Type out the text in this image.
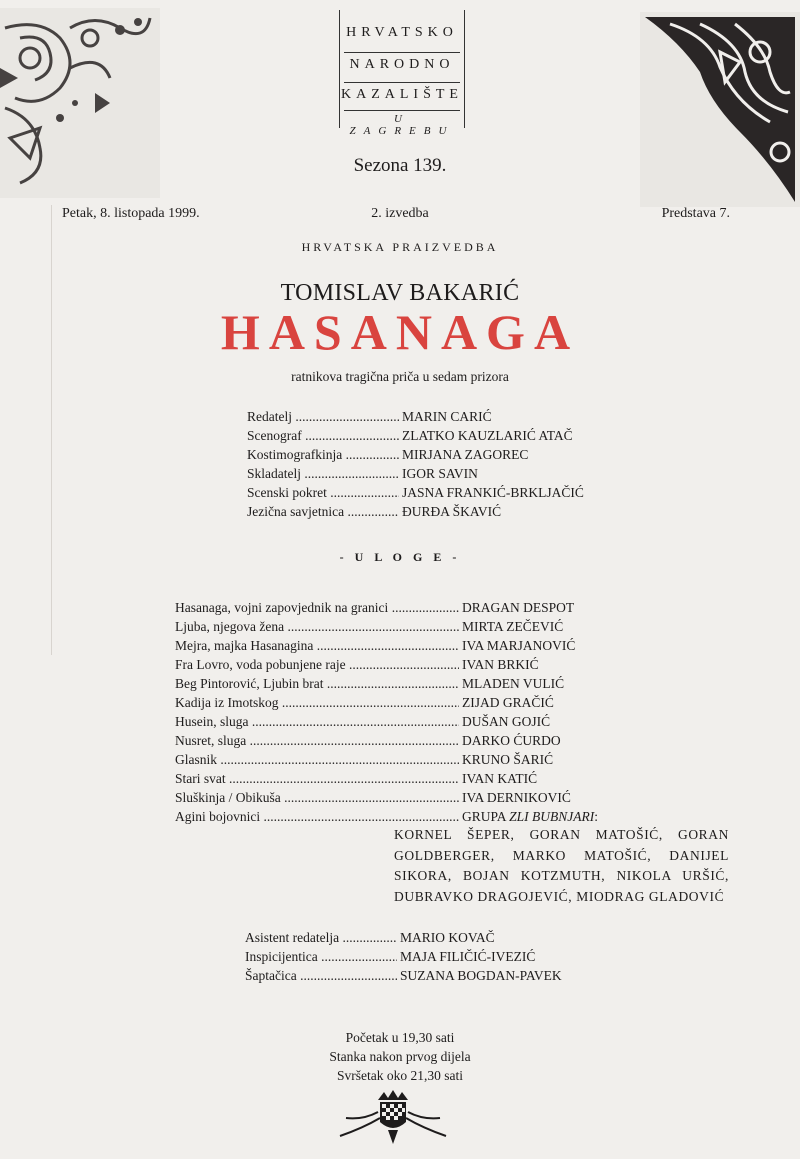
HRVATSKO
NARODNO
KAZALIŠTE
U ZAGREBU
Sezona 139.
Petak, 8. listopada 1999.	2. izvedba	Predstava 7.
HRVATSKA PRAIZVEDBA
TOMISLAV BAKARIĆ
HASANAGA
ratnikova tragična priča u sedam prizora
Redatelj .....	MARIN CARIĆ
Scenograf .....	ZLATKO KAUZLARIĆ ATAČ
Kostimografkinja .....	MIRJANA ZAGOREC
Skladatelj .....	IGOR SAVIN
Scenski pokret .....	JASNA FRANKIĆ-BRKLJAČIĆ
Jezična savjetnica .....	ĐURĐA ŠKAVIĆ
- U L O G E -
Hasanaga, vojni zapovjednik na granici .....	DRAGAN DESPOT
Ljuba, njegova žena .....	MIRTA ZEČEVIĆ
Mejra, majka Hasanagina .....	IVA MARJANOVIĆ
Fra Lovro, voda pobunjene raje .....	IVAN BRKIĆ
Beg Pintorović, Ljubin brat .....	MLADEN VULIĆ
Kadija iz Imotskog .....	ZIJAD GRAČIĆ
Husein, sluga .....	DUŠAN GOJIĆ
Nusret, sluga .....	DARKO ĆURDO
Glasnik .....	KRUNO ŠARIĆ
Stari svat .....	IVAN KATIĆ
Sluškinja / Obikuša .....	IVA DERNIKOVIĆ
Agini bojovnici .....	GRUPA ZLI BUBNJARI:
KORNEL ŠEPER, GORAN MATOŠIĆ, GORAN GOLDBERGER, MARKO MATOŠIĆ, DANIJEL SIKORA, BOJAN KOTZMUTH, NIKOLA URŠIĆ, DUBRAVKO DRAGOJEVIĆ, MIODRAG GLADOVIĆ
Asistent redatelja .....	MARIO KOVAČ
Inspicijentica .....	MAJA FILIČIĆ-IVEZIĆ
Šaptačica .....	SUZANA BOGDAN-PAVEK
Početak u 19,30 sati
Stanka nakon prvog dijela
Svršetak oko 21,30 sati
